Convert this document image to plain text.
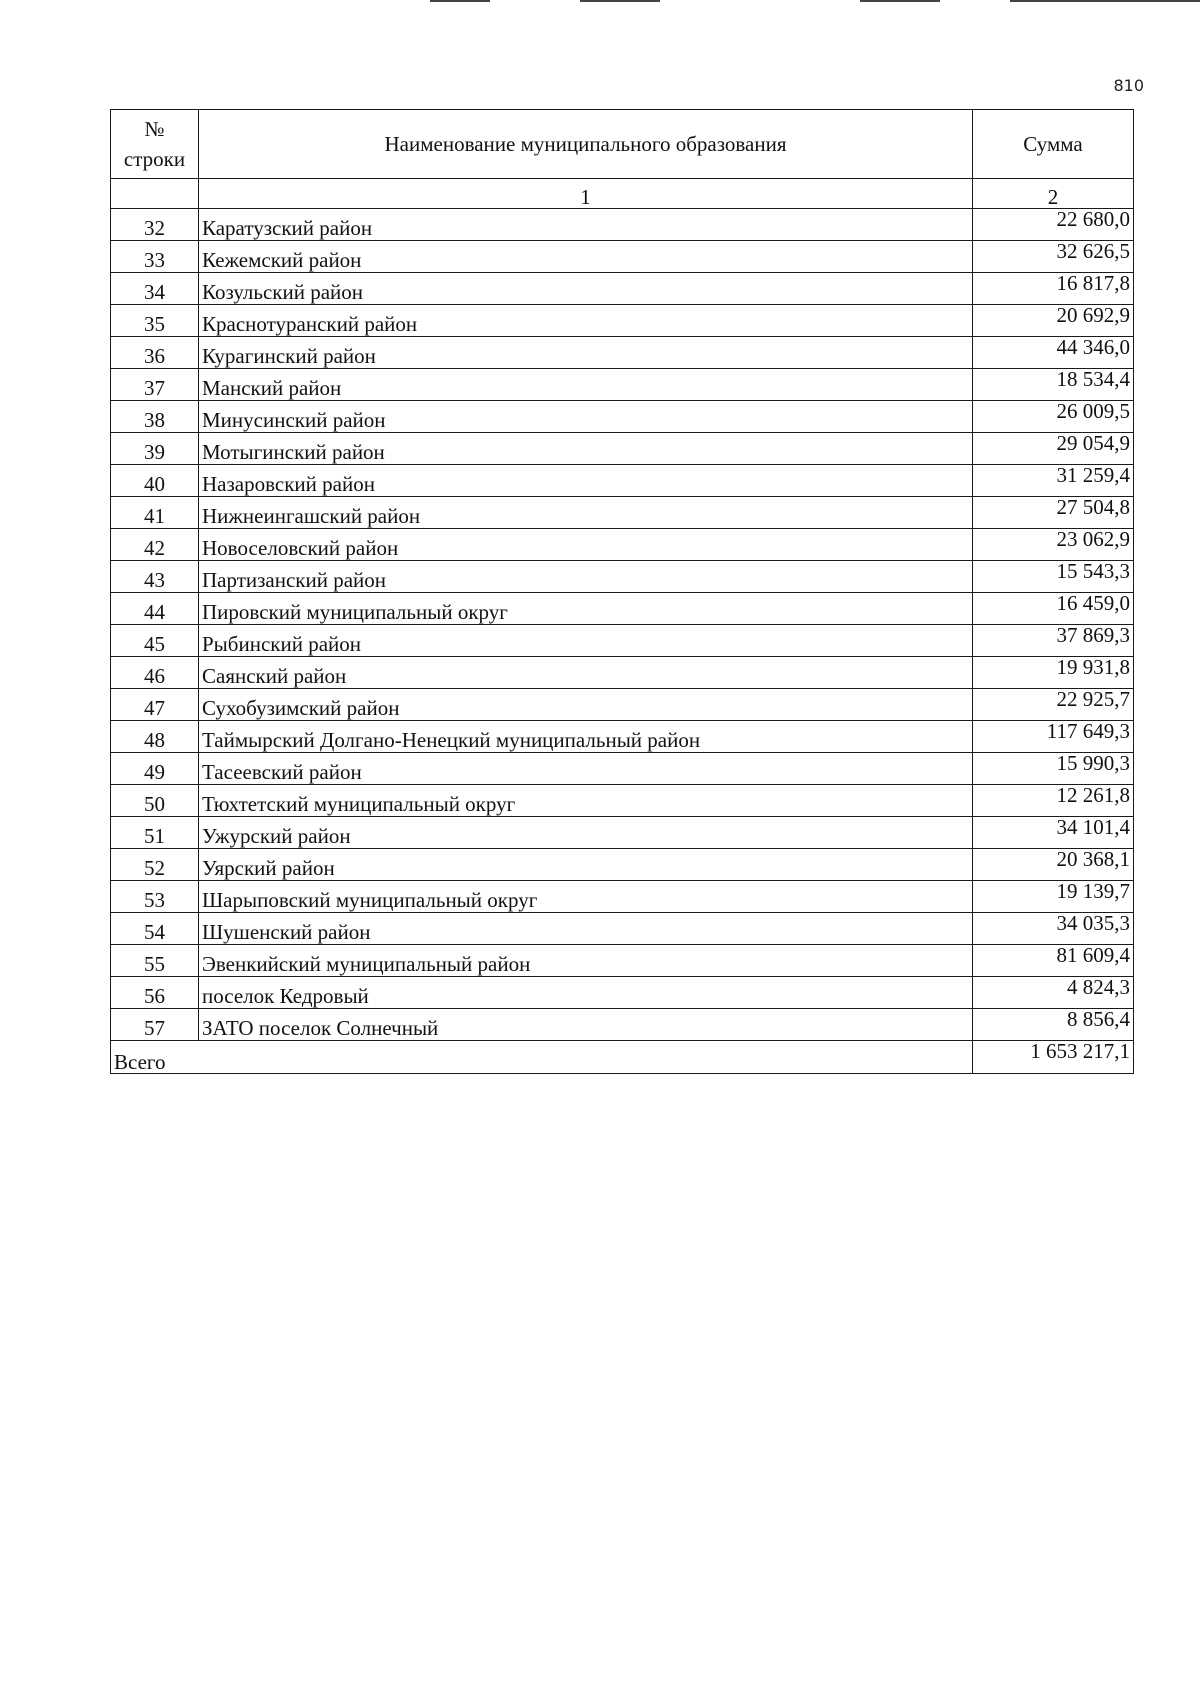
810
№ строки	Наименование муниципального образования	Сумма
	1	2
32	Каратузский район	22 680,0
33	Кежемский район	32 626,5
34	Козульский район	16 817,8
35	Краснотуранский район	20 692,9
36	Курагинский район	44 346,0
37	Манский район	18 534,4
38	Минусинский район	26 009,5
39	Мотыгинский район	29 054,9
40	Назаровский район	31 259,4
41	Нижнеингашский район	27 504,8
42	Новоселовский район	23 062,9
43	Партизанский район	15 543,3
44	Пировский муниципальный округ	16 459,0
45	Рыбинский район	37 869,3
46	Саянский район	19 931,8
47	Сухобузимский район	22 925,7
48	Таймырский Долгано-Ненецкий муниципальный район	117 649,3
49	Тасеевский район	15 990,3
50	Тюхтетский муниципальный округ	12 261,8
51	Ужурский район	34 101,4
52	Уярский район	20 368,1
53	Шарыповский муниципальный округ	19 139,7
54	Шушенский район	34 035,3
55	Эвенкийский муниципальный район	81 609,4
56	поселок Кедровый	4 824,3
57	ЗАТО поселок Солнечный	8 856,4
Всего		1 653 217,1
